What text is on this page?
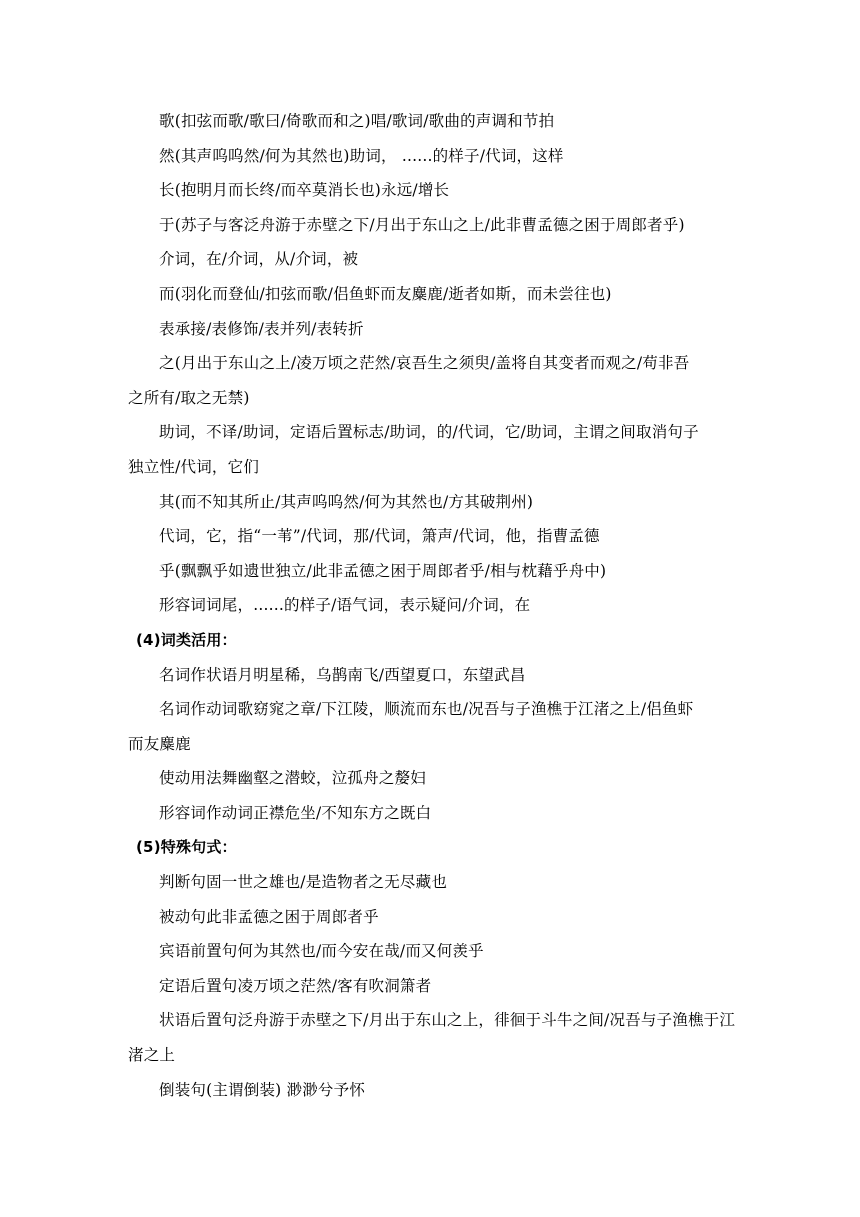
歌(扣弦而歌/歌曰/倚歌而和之)唱/歌词/歌曲的声调和节拍
然(其声呜呜然/何为其然也)助词， ......的样子/代词，这样
长(抱明月而长终/而卒莫消长也)永远/增长
于(苏子与客泛舟游于赤壁之下/月出于东山之上/此非曹孟德之困于周郎者乎)
介词，在/介词，从/介词，被
而(羽化而登仙/扣弦而歌/侣鱼虾而友麋鹿/逝者如斯，而未尝往也)
表承接/表修饰/表并列/表转折
之(月出于东山之上/凌万顷之茫然/哀吾生之须臾/盖将自其变者而观之/苟非吾
之所有/取之无禁)
助词，不译/助词，定语后置标志/助词，的/代词，它/助词，主谓之间取消句子
独立性/代词，它们
其(而不知其所止/其声呜呜然/何为其然也/方其破荆州)
代词，它，指“一苇”/代词，那/代词，箫声/代词，他，指曹孟德
乎(飘飘乎如遗世独立/此非孟德之困于周郎者乎/相与枕藉乎舟中)
形容词词尾，......的样子/语气词，表示疑问/介词，在
(4)词类活用：
名词作状语月明星稀，乌鹊南飞/西望夏口，东望武昌
名词作动词歌窈窕之章/下江陵，顺流而东也/况吾与子渔樵于江渚之上/侣鱼虾
而友麋鹿
使动用法舞幽壑之潜蛟，泣孤舟之嫠妇
形容词作动词正襟危坐/不知东方之既白
(5)特殊句式：
判断句固一世之雄也/是造物者之无尽藏也
被动句此非孟德之困于周郎者乎
宾语前置句何为其然也/而今安在哉/而又何羡乎
定语后置句凌万顷之茫然/客有吹洞箫者
状语后置句泛舟游于赤壁之下/月出于东山之上，徘徊于斗牛之间/况吾与子渔樵于江
渚之上
倒装句(主谓倒装) 渺渺兮予怀
